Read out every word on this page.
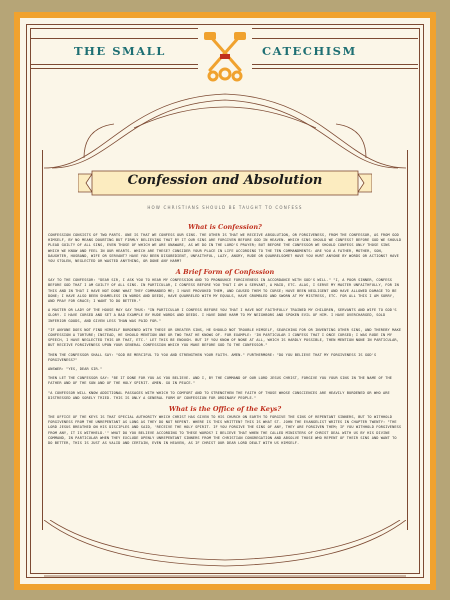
THE SMALL	CATECHISM
Confession and Absolution
HOW CHRISTIANS SHOULD BE TAUGHT TO CONFESS
What is Confession?
CONFESSION CONSISTS OF TWO PARTS. ONE IS THAT WE CONFESS OUR SINS. THE OTHER IS THAT WE RECEIVE ABSOLUTION, OR FORGIVENESS, FROM THE CONFESSOR, AS FROM GOD HIMSELF, BY NO MEANS DOUBTING BUT FIRMLY BELIEVING THAT BY IT OUR SINS ARE FORGIVEN BEFORE GOD IN HEAVEN. WHICH SINS SHOULD WE CONFESS? BEFORE GOD WE SHOULD PLEAD GUILTY OF ALL SINS, EVEN THOSE OF WHICH WE ARE UNAWARE, AS WE DO IN THE LORD'S PRAYER; BUT BEFORE THE CONFESSOR WE SHOULD CONFESS ONLY THOSE SINS WHICH WE KNOW AND FEEL IN OUR HEARTS. WHICH ARE THESE? CONSIDER YOUR PLACE IN LIFE ACCORDING TO THE TEN COMMANDMENTS: ARE YOU A FATHER, MOTHER, SON, DAUGHTER, HUSBAND, WIFE OR SERVANT? HAVE YOU BEEN DISOBEDIENT, UNFAITHFUL, LAZY, ANGRY, RUDE OR QUARRELSOME? HAVE YOU HURT ANYONE BY WORDS OR ACTIONS? HAVE YOU STOLEN, NEGLECTED OR WASTED ANYTHING, OR DONE ANY HARM?
A Brief Form of Confession
SAY TO THE CONFESSOR: "DEAR SIR, I ASK YOU TO HEAR MY CONFESSION AND TO PRONOUNCE FORGIVENESS IN ACCORDANCE WITH GOD'S WILL." "I, A POOR SINNER, CONFESS BEFORE GOD THAT I AM GUILTY OF ALL SINS. IN PARTICULAR, I CONFESS BEFORE YOU THAT I AM A SERVANT, A MAID, ETC. ALAS, I SERVE MY MASTER UNFAITHFULLY, FOR IN THIS AND IN THAT I HAVE NOT DONE WHAT THEY COMMANDED ME; I HAVE PROVOKED THEM, AND CAUSED THEM TO CURSE; HAVE BEEN NEGLIGENT AND HAVE ALLOWED DAMAGE TO BE DONE; I HAVE ALSO BEEN SHAMELESS IN WORDS AND DEEDS, HAVE QUARRELED WITH MY EQUALS, HAVE GRUMBLED AND SWORN AT MY MISTRESS, ETC. FOR ALL THIS I AM SORRY, AND PRAY FOR GRACE; I WANT TO DO BETTER."
A MASTER OR LADY OF THE HOUSE MAY SAY THUS: "IN PARTICULAR I CONFESS BEFORE YOU THAT I HAVE NOT FAITHFULLY TRAINED MY CHILDREN, SERVANTS AND WIFE TO GOD'S GLORY. I HAVE CURSED AND SET A BAD EXAMPLE BY RUDE WORDS AND DEEDS. I HAVE DONE HARM TO MY NEIGHBORS AND SPOKEN EVIL OF HIM. I HAVE OVERCHARGED, SOLD INFERIOR GOODS, AND GIVEN LESS THAN WAS PAID FOR."
"IF ANYONE DOES NOT FIND HIMSELF BURDENED WITH THESE OR GREATER SINS, HE SHOULD NOT TROUBLE HIMSELF, SEARCHING FOR OR INVENTING OTHER SINS, AND THEREBY MAKE CONFESSION A TORTURE; INSTEAD, HE SHOULD MENTION ONE OR TWO THAT HE KNOWS OF. FOR EXAMPLE: 'IN PARTICULAR I CONFESS THAT I ONCE CURSED; I WAS RUDE IN MY SPEECH, I HAVE NEGLECTED THIS OR THAT, ETC.' LET THIS BE ENOUGH. BUT IF YOU KNOW OF NONE AT ALL, WHICH IS HARDLY POSSIBLE, THEN MENTION NONE IN PARTICULAR, BUT RECEIVE FORGIVENESS UPON YOUR GENERAL CONFESSION WHICH YOU MAKE BEFORE GOD TO THE CONFESSOR."
THEN THE CONFESSOR SHALL SAY: "GOD BE MERCIFUL TO YOU AND STRENGTHEN YOUR FAITH. AMEN." FURTHERMORE: "DO YOU BELIEVE THAT MY FORGIVENESS IS GOD'S FORGIVENESS?"
ANSWER: "YES, DEAR SIR."
THEN LET THE CONFESSOR SAY: "BE IT DONE FOR YOU AS YOU BELIEVE. AND I, BY THE COMMAND OF OUR LORD JESUS CHRIST, FORGIVE YOU YOUR SINS IN THE NAME OF THE FATHER AND OF THE SON AND OF THE HOLY SPIRIT. AMEN. GO IN PEACE."
"A CONFESSOR WILL KNOW ADDITIONAL PASSAGES WITH WHICH TO COMFORT AND TO STRENGTHEN THE FAITH OF THOSE WHOSE CONSCIENCES ARE HEAVILY BURDENED OR WHO ARE DISTRESSED AND SORELY TRIED. THIS IS ONLY A GENERAL FORM OF CONFESSION FOR ORDINARY PEOPLE."
What is the Office of the Keys?
THE OFFICE OF THE KEYS IS THAT SPECIAL AUTHORITY WHICH CHRIST HAS GIVEN TO HIS CHURCH ON EARTH TO FORGIVE THE SINS OF REPENTANT SINNERS, BUT TO WITHHOLD FORGIVENESS FROM THE UNREPENTANT AS LONG AS THEY DO NOT REPENT. WHERE IS THIS WRITTEN? THIS IS WHAT ST. JOHN THE EVANGELIST WRITES IN CHAPTER TWENTY: "THE LORD JESUS BREATHED ON HIS DISCIPLES AND SAID, 'RECEIVE THE HOLY SPIRIT. IF YOU FORGIVE THE SINS OF ANY, THEY ARE FORGIVEN THEM; IF YOU WITHHOLD FORGIVENESS FROM ANY, IT IS WITHHELD.'" WHAT DO YOU BELIEVE ACCORDING TO THESE WORDS? I BELIEVE THAT WHEN THE CALLED MINISTERS OF CHRIST DEAL WITH US BY HIS DIVINE COMMAND, IN PARTICULAR WHEN THEY EXCLUDE OPENLY UNREPENTANT SINNERS FROM THE CHRISTIAN CONGREGATION AND ABSOLVE THOSE WHO REPENT OF THEIR SINS AND WANT TO DO BETTER, THIS IS JUST AS VALID AND CERTAIN, EVEN IN HEAVEN, AS IF CHRIST OUR DEAR LORD DEALT WITH US HIMSELF.
